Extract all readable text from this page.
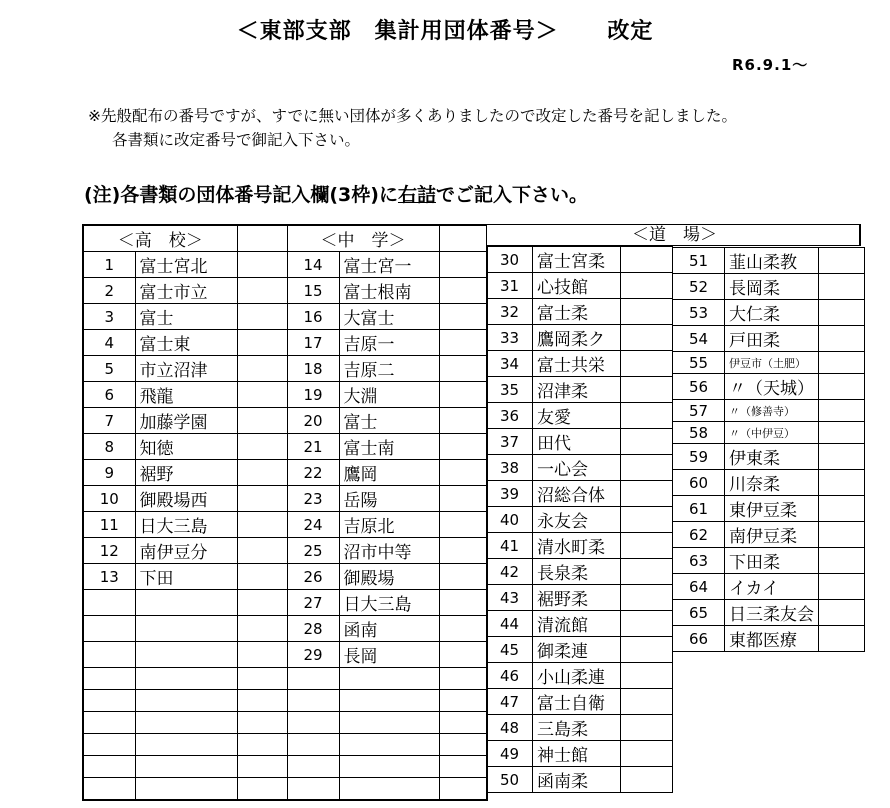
＜東部支部　集計用団体番号＞ 改定
R6.9.1～
※先般配布の番号ですが、すでに無い団体が多くありましたので改定した番号を記しました。
各書類に改定番号で御記入下さい。
(注)各書類の団体番号記入欄(3枠)に右詰でご記入下さい。
＜高　校＞			＜中　学＞		
1	富士宮北		14	富士宮一	

2	富士市立		15	富士根南	

3	富士		16	大富士	

4	富士東		17	吉原一	

5	市立沼津		18	吉原二	

6	飛龍		19	大淵	

7	加藤学園		20	富士	

8	知徳		21	富士南	

9	裾野		22	鷹岡	

10	御殿場西		23	岳陽	

11	日大三島		24	吉原北	

12	南伊豆分		25	沼市中等	

13	下田		26	御殿場	

			27	日大三島	

			28	函南	

			29	長岡	

＜道　場＞		

30	富士宮柔	

31	心技館	

32	富士柔	

33	鷹岡柔ク	

34	富士共栄	

35	沼津柔	

36	友愛	

37	田代	

38	一心会	

39	沼総合体	

40	永友会	

41	清水町柔	

42	長泉柔	

43	裾野柔	

44	清流館	

45	御柔連	

46	小山柔連	

47	富士自衛	

48	三島柔	

49	神士館	

50	函南柔	

51	韮山柔教	

52	長岡柔	

53	大仁柔	

54	戸田柔	

55	伊豆市（土肥）	

56	〃（天城）	

57	〃（修善寺）	

58	〃（中伊豆）	

59	伊東柔	

60	川奈柔	

61	東伊豆柔	

62	南伊豆柔	

63	下田柔	

64	イカイ	

65	日三柔友会	

66	東都医療	
